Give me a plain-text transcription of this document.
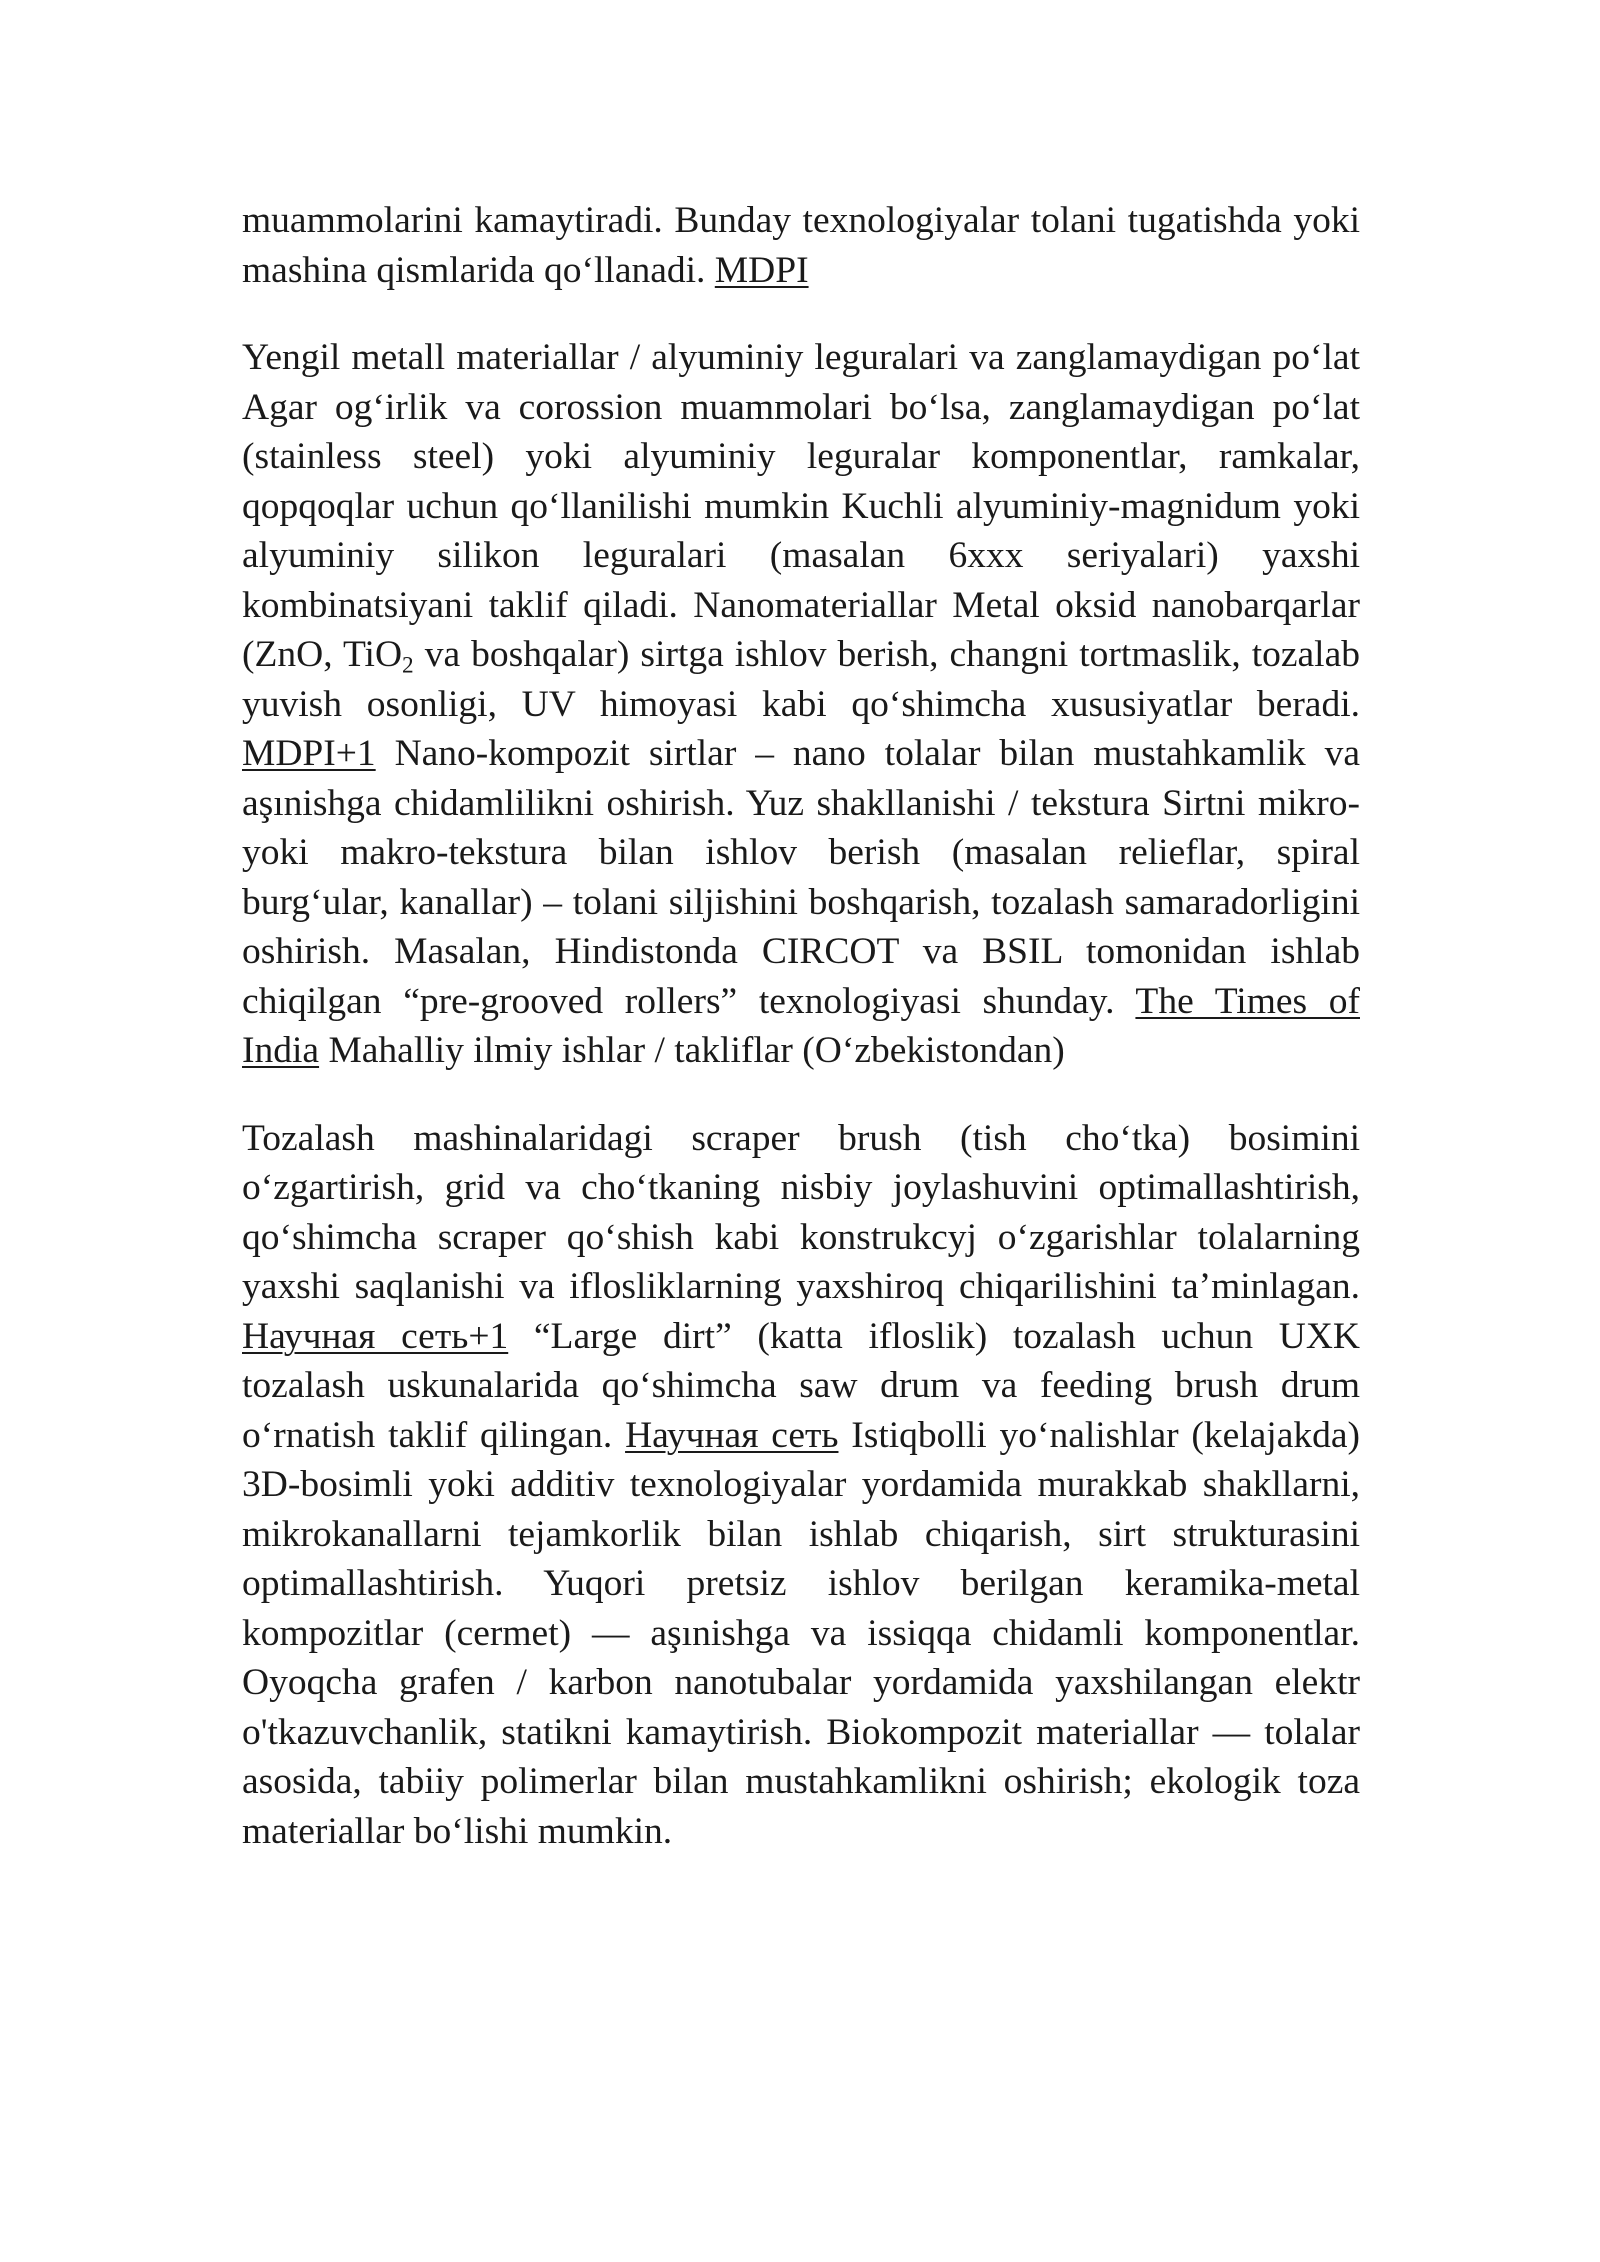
muammolarini kamaytiradi. Bunday texnologiyalar tolani tugatishda yoki mashina qismlarida qo‘llanadi. MDPI

Yengil metall materiallar / alyuminiy leguralari va zanglamaydigan po‘lat Agar og‘irlik va corossion muammolari bo‘lsa, zanglamaydigan po‘lat (stainless steel) yoki alyuminiy leguralar komponentlar, ramkalar, qopqoqlar uchun qo‘llanilishi mumkin Kuchli alyuminiy-magnidum yoki alyuminiy silikon leguralari (masalan 6xxx seriyalari) yaxshi kombinatsiyani taklif qiladi. Nanomateriallar Metal oksid nanobarqarlar (ZnO, TiO$_2$ va boshqalar) sirtga ishlov berish, changni tortmaslik, tozalab yuvish osonligi, UV himoyasi kabi qo‘shimcha xususiyatlar beradi. MDPI+1 Nano-kompozit sirtlar – nano tolalar bilan mustahkamlik va aşınishga chidamlilikni oshirish. Yuz shakllanishi / tekstura Sirtni mikro-yoki makro-tekstura bilan ishlov berish (masalan relieflar, spiral burg‘ular, kanallar) – tolani siljishini boshqarish, tozalash samaradorligini oshirish. Masalan, Hindistonda CIRCOT va BSIL tomonidan ishlab chiqilgan “pre-grooved rollers” texnologiyasi shunday. The Times of India Mahalliy ilmiy ishlar / takliflar (O‘zbekistondan)

Tozalash mashinalaridagi scraper brush (tish cho‘tka) bosimini o‘zgartirish, grid va cho‘tkaning nisbiy joylashuvini optimallashtirish, qo‘shimcha scraper qo‘shish kabi konstrukcyj o‘zgarishlar tolalarning yaxshi saqlanishi va iflosliklarning yaxshiroq chiqarilishini ta’minlagan. Научная сеть+1 “Large dirt” (katta ifloslik) tozalash uchun UXK tozalash uskunalarida qo‘shimcha saw drum va feeding brush drum o‘rnatish taklif qilingan. Научная сеть Istiqbolli yo‘nalishlar (kelajakda) 3D-bosimli yoki additiv texnologiyalar yordamida murakkab shakllarni, mikrokanallarni tejamkorlik bilan ishlab chiqarish, sirt strukturasini optimallashtirish. Yuqori pretsiz ishlov berilgan keramika-metal kompozitlar (cermet) — aşınishga va issiqqa chidamli komponentlar. Oyoqcha grafen / karbon nanotubalar yordamida yaxshilangan elektr o'tkazuvchanlik, statikni kamaytirish. Biokompozit materiallar — tolalar asosida, tabiiy polimerlar bilan mustahkamlikni oshirish; ekologik toza materiallar bo‘lishi mumkin.
